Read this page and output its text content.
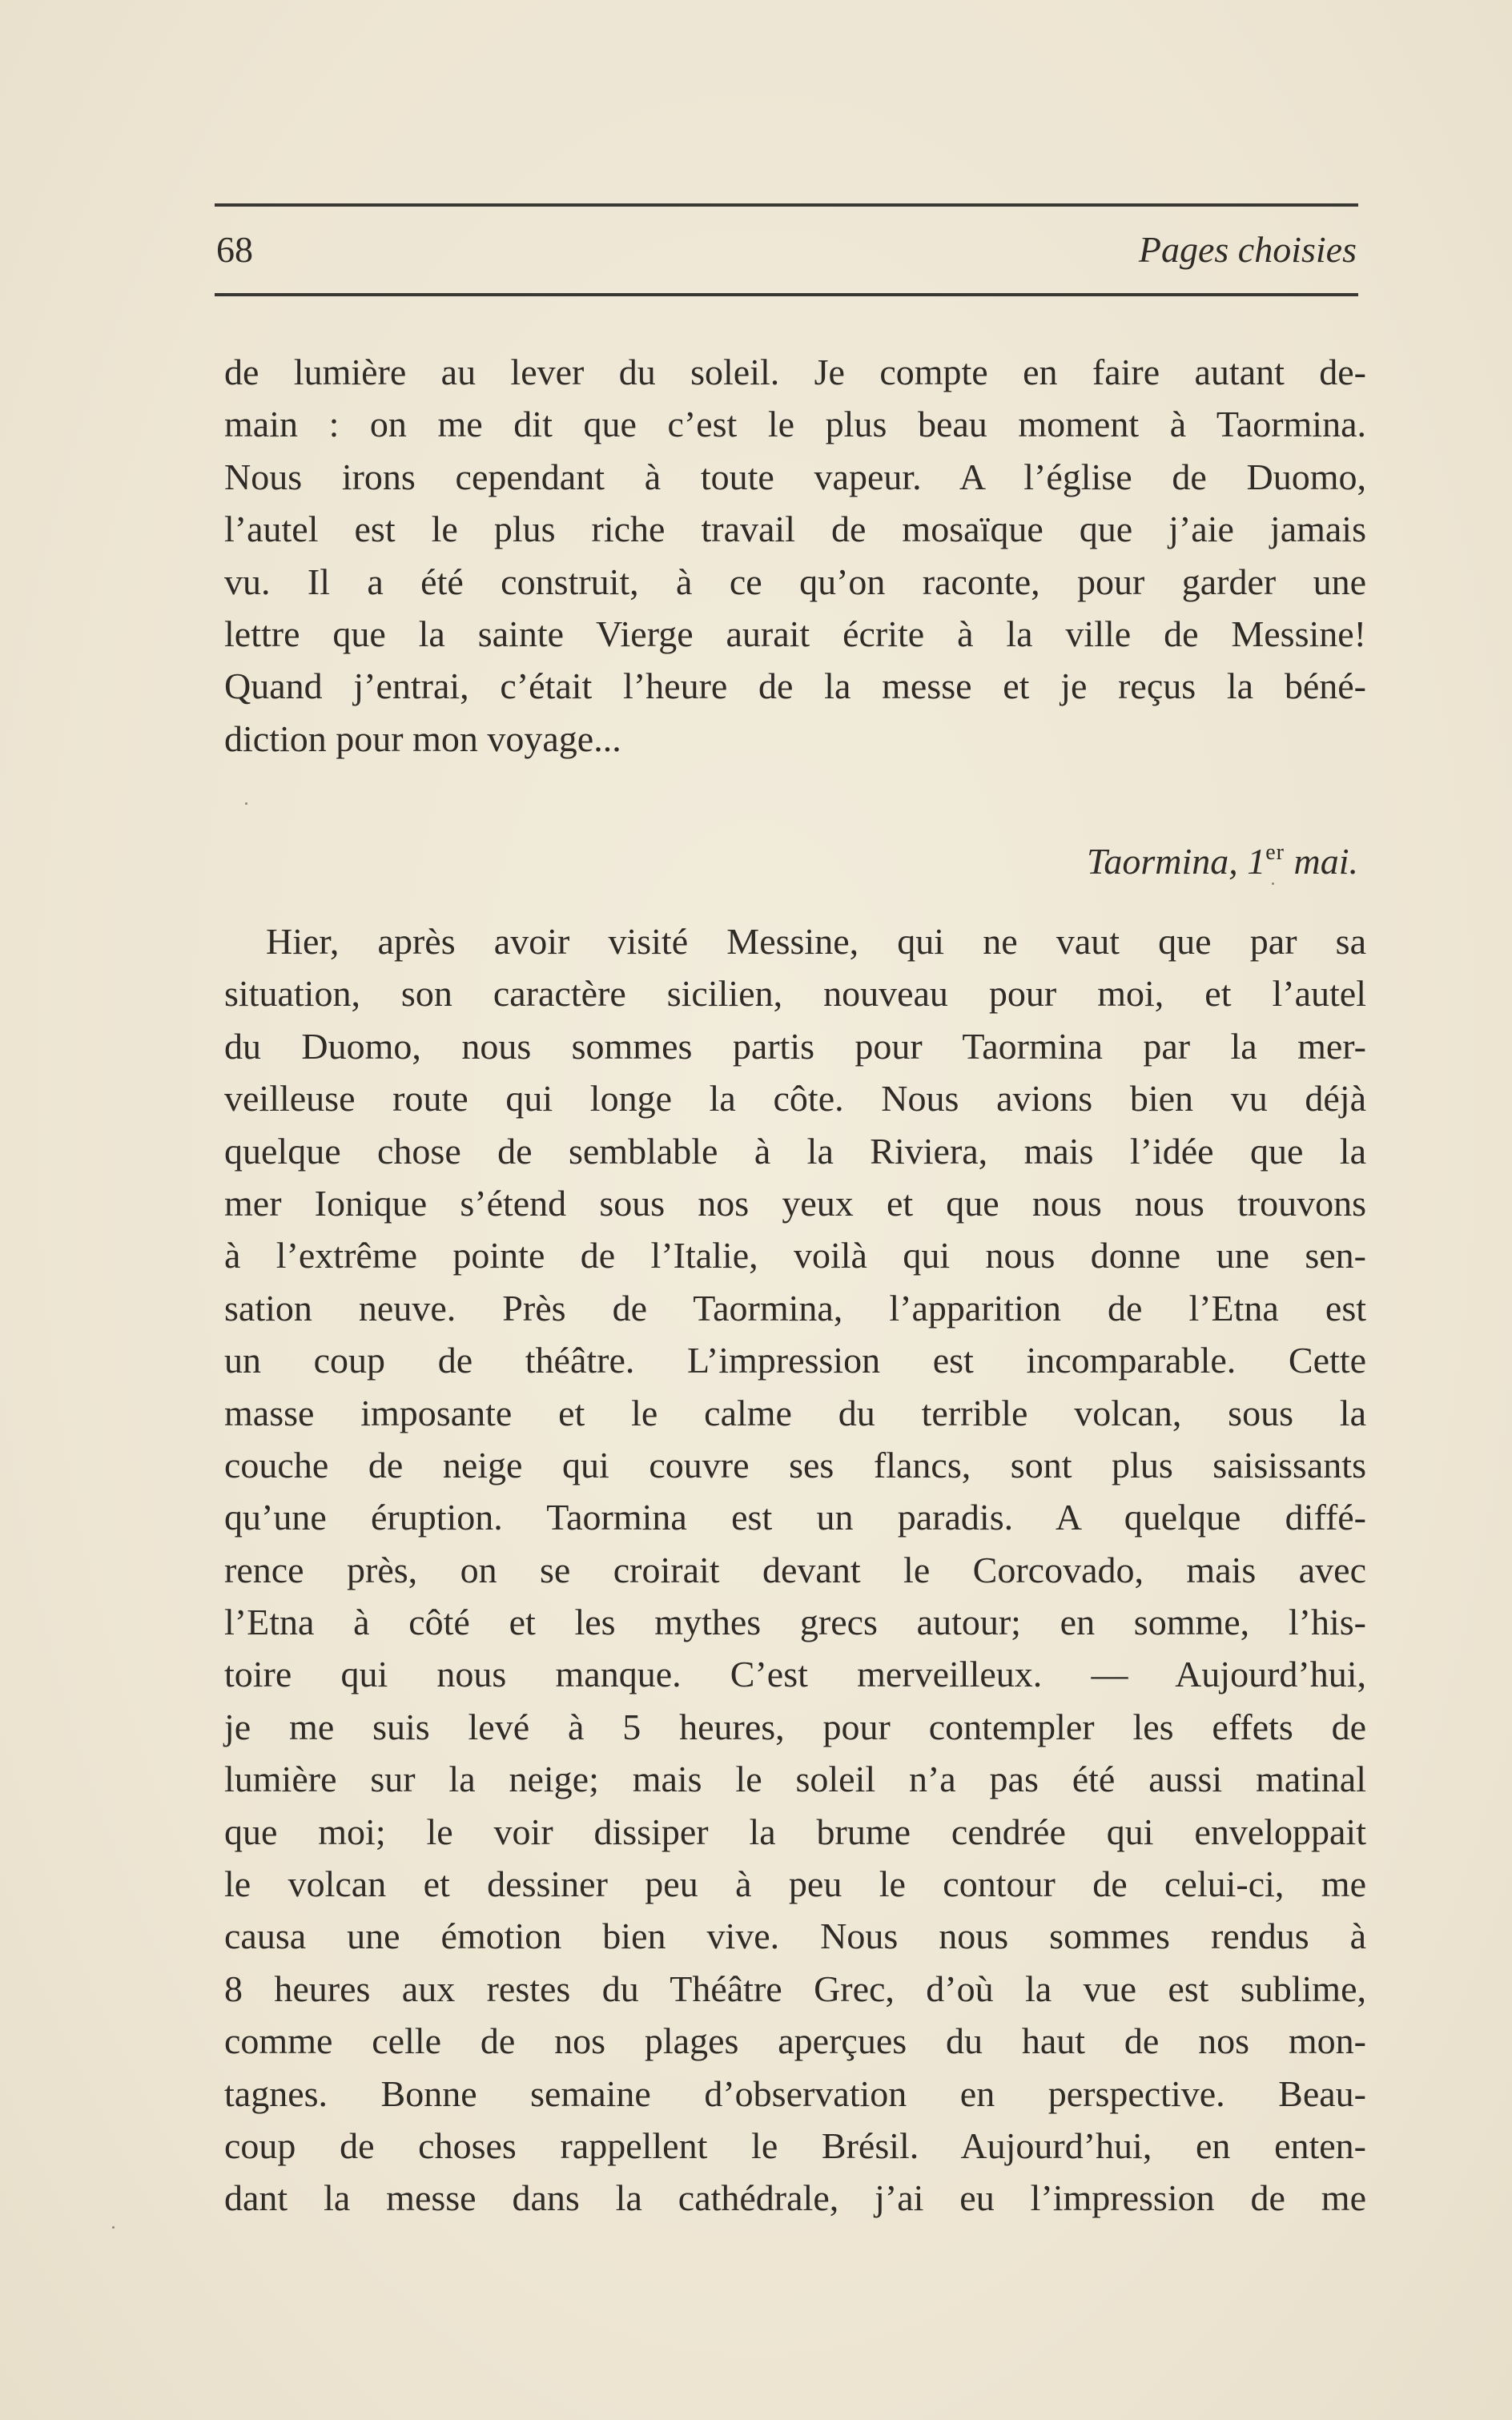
68	Pages choisies
de lumière au lever du soleil. Je compte en faire autant de-
main : on me dit que c’est le plus beau moment à Taormina.
Nous irons cependant à toute vapeur. A l’église de Duomo,
l’autel est le plus riche travail de mosaïque que j’aie jamais
vu. Il a été construit, à ce qu’on raconte, pour garder une
lettre que la sainte Vierge aurait écrite à la ville de Messine!
Quand j’entrai, c’était l’heure de la messe et je reçus la béné-
diction pour mon voyage...
Taormina, 1er mai.
Hier, après avoir visité Messine, qui ne vaut que par sa
situation, son caractère sicilien, nouveau pour moi, et l’autel
du Duomo, nous sommes partis pour Taormina par la mer-
veilleuse route qui longe la côte. Nous avions bien vu déjà
quelque chose de semblable à la Riviera, mais l’idée que la
mer Ionique s’étend sous nos yeux et que nous nous trouvons
à l’extrême pointe de l’Italie, voilà qui nous donne une sen-
sation neuve. Près de Taormina, l’apparition de l’Etna est
un coup de théâtre. L’impression est incomparable. Cette
masse imposante et le calme du terrible volcan, sous la
couche de neige qui couvre ses flancs, sont plus saisissants
qu’une éruption. Taormina est un paradis. A quelque diffé-
rence près, on se croirait devant le Corcovado, mais avec
l’Etna à côté et les mythes grecs autour; en somme, l’his-
toire qui nous manque. C’est merveilleux. — Aujourd’hui,
je me suis levé à 5 heures, pour contempler les effets de
lumière sur la neige; mais le soleil n’a pas été aussi matinal
que moi; le voir dissiper la brume cendrée qui enveloppait
le volcan et dessiner peu à peu le contour de celui-ci, me
causa une émotion bien vive. Nous nous sommes rendus à
8 heures aux restes du Théâtre Grec, d’où la vue est sublime,
comme celle de nos plages aperçues du haut de nos mon-
tagnes. Bonne semaine d’observation en perspective. Beau-
coup de choses rappellent le Brésil. Aujourd’hui, en enten-
dant la messe dans la cathédrale, j’ai eu l’impression de me
